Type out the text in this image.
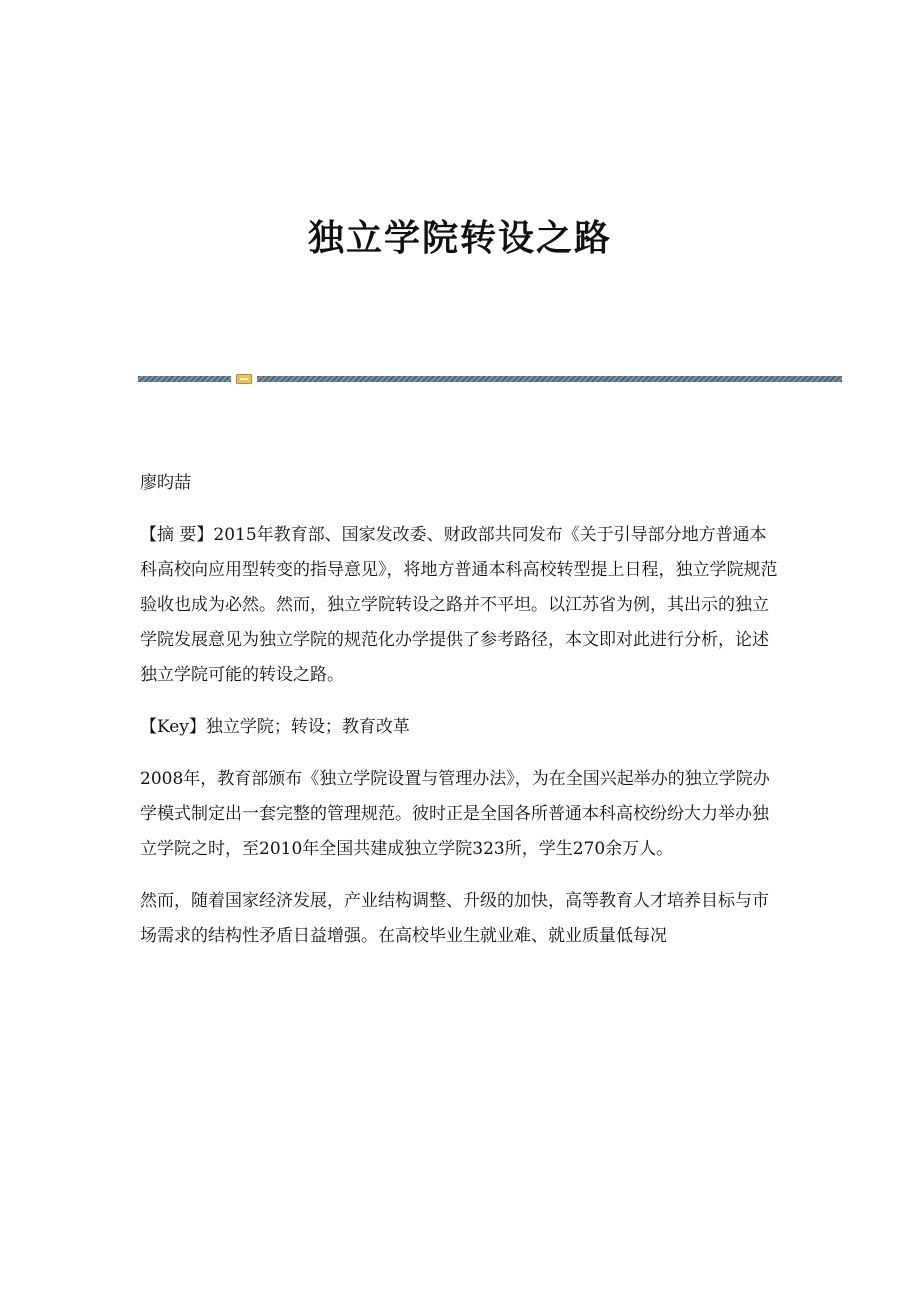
独立学院转设之路

廖昀喆

【摘 要】2015年教育部、国家发改委、财政部共同发布《关于引导部分地方普通本科高校向应用型转变的指导意见》，将地方普通本科高校转型提上日程，独立学院规范验收也成为必然。然而，独立学院转设之路并不平坦。以江苏省为例，其出示的独立学院发展意见为独立学院的规范化办学提供了参考路径，本文即对此进行分析，论述独立学院可能的转设之路。

【Key】独立学院；转设；教育改革

2008年，教育部颁布《独立学院设置与管理办法》，为在全国兴起举办的独立学院办学模式制定出一套完整的管理规范。彼时正是全国各所普通本科高校纷纷大力举办独立学院之时，至2010年全国共建成独立学院323所，学生270余万人。

然而，随着国家经济发展，产业结构调整、升级的加快，高等教育人才培养目标与市场需求的结构性矛盾日益增强。在高校毕业生就业难、就业质量低每况
